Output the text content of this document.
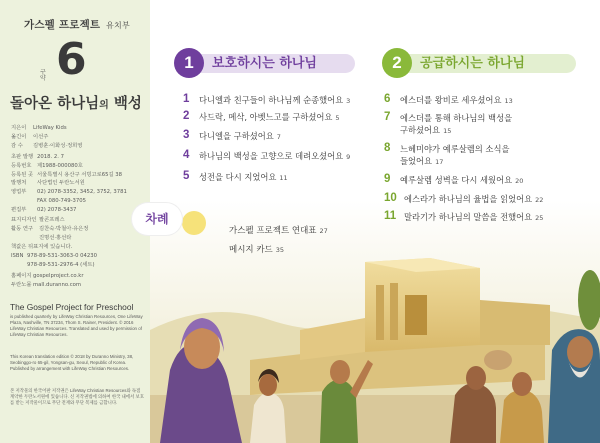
가스펠 프로젝트 유치부
구약 6
돌아온 하나님의 백성
지은이	LifeWay Kids
옮긴이	이선주
감 수	김병훈·이화성·정희영
초판 발행 2018. 2. 7
등록번호	제1988-000080호
등록된 곳 서울특별시 용산구 서빙고로65길 38
발행처	사단법인 두란노서원
영업부	02) 2078-3352, 3452, 3752, 3781
FAX 080-749-3705
편집부	02) 2078-3437
표지디자인 팔콘프레스
활동 연구	김찬숙·박철아·유은정
진명선·홍선타
책값은 뒤표지에 있습니다.
ISBN 978-89-531-3063-0 04230
978-89-531-2976-4 (세트)
홈페이지 gospelproject.co.kr
두란노몰 mall.duranno.com
The Gospel Project for Preschool
is published quarterly by LifeWay Christian Resources, One LifeWay Plaza, Nashville, TN 37234, Thom S. Rainer, President. © 2016 LifeWay Christian Resources. Translated and used by permission of LifeWay Christian Resources.
This Korean translation edition © 2018 by Duranno Ministry, 38, Seobinggo-ro 65-gil, Yongsan-gu, Seoul, Republic of Korea. Published by arrangement with LifeWay Christian Resources.
본 저작물의 한국어판 저작권은 LifeWay Christian Resources와 독점 계약한 두란노서원에 있습니다. 신 저작권법에 의하여 한국 내에서 보호를 받는 저작물이므로 무단 전재와 무단 복제를 금합니다.
보호하시는 하나님
1	공급하시는 하나님
2
1 다니엘과 친구들이 하나님께 순종했어요 3
2 사드락, 메삭, 아벳느고를 구하셨어요 5
3 다니엘을 구하셨어요 7
4 하나님의 백성을 고향으로 데려오셨어요 9
5 성전을 다시 지었어요 11
6 에스더를 왕비로 세우셨어요 13
7 에스더를 통해 하나님의 백성을
구하셨어요 15
8 느헤미야가 예루살렘의 소식을
들었어요 17
9 예루살렘 성벽을 다시 세웠어요 20
10 에스라가 하나님의 율법을 읽었어요 22
11 말라기가 하나님의 말씀을 전했어요 25
차례
가스펠 프로젝트 연대표 27
메시지 카드 35
